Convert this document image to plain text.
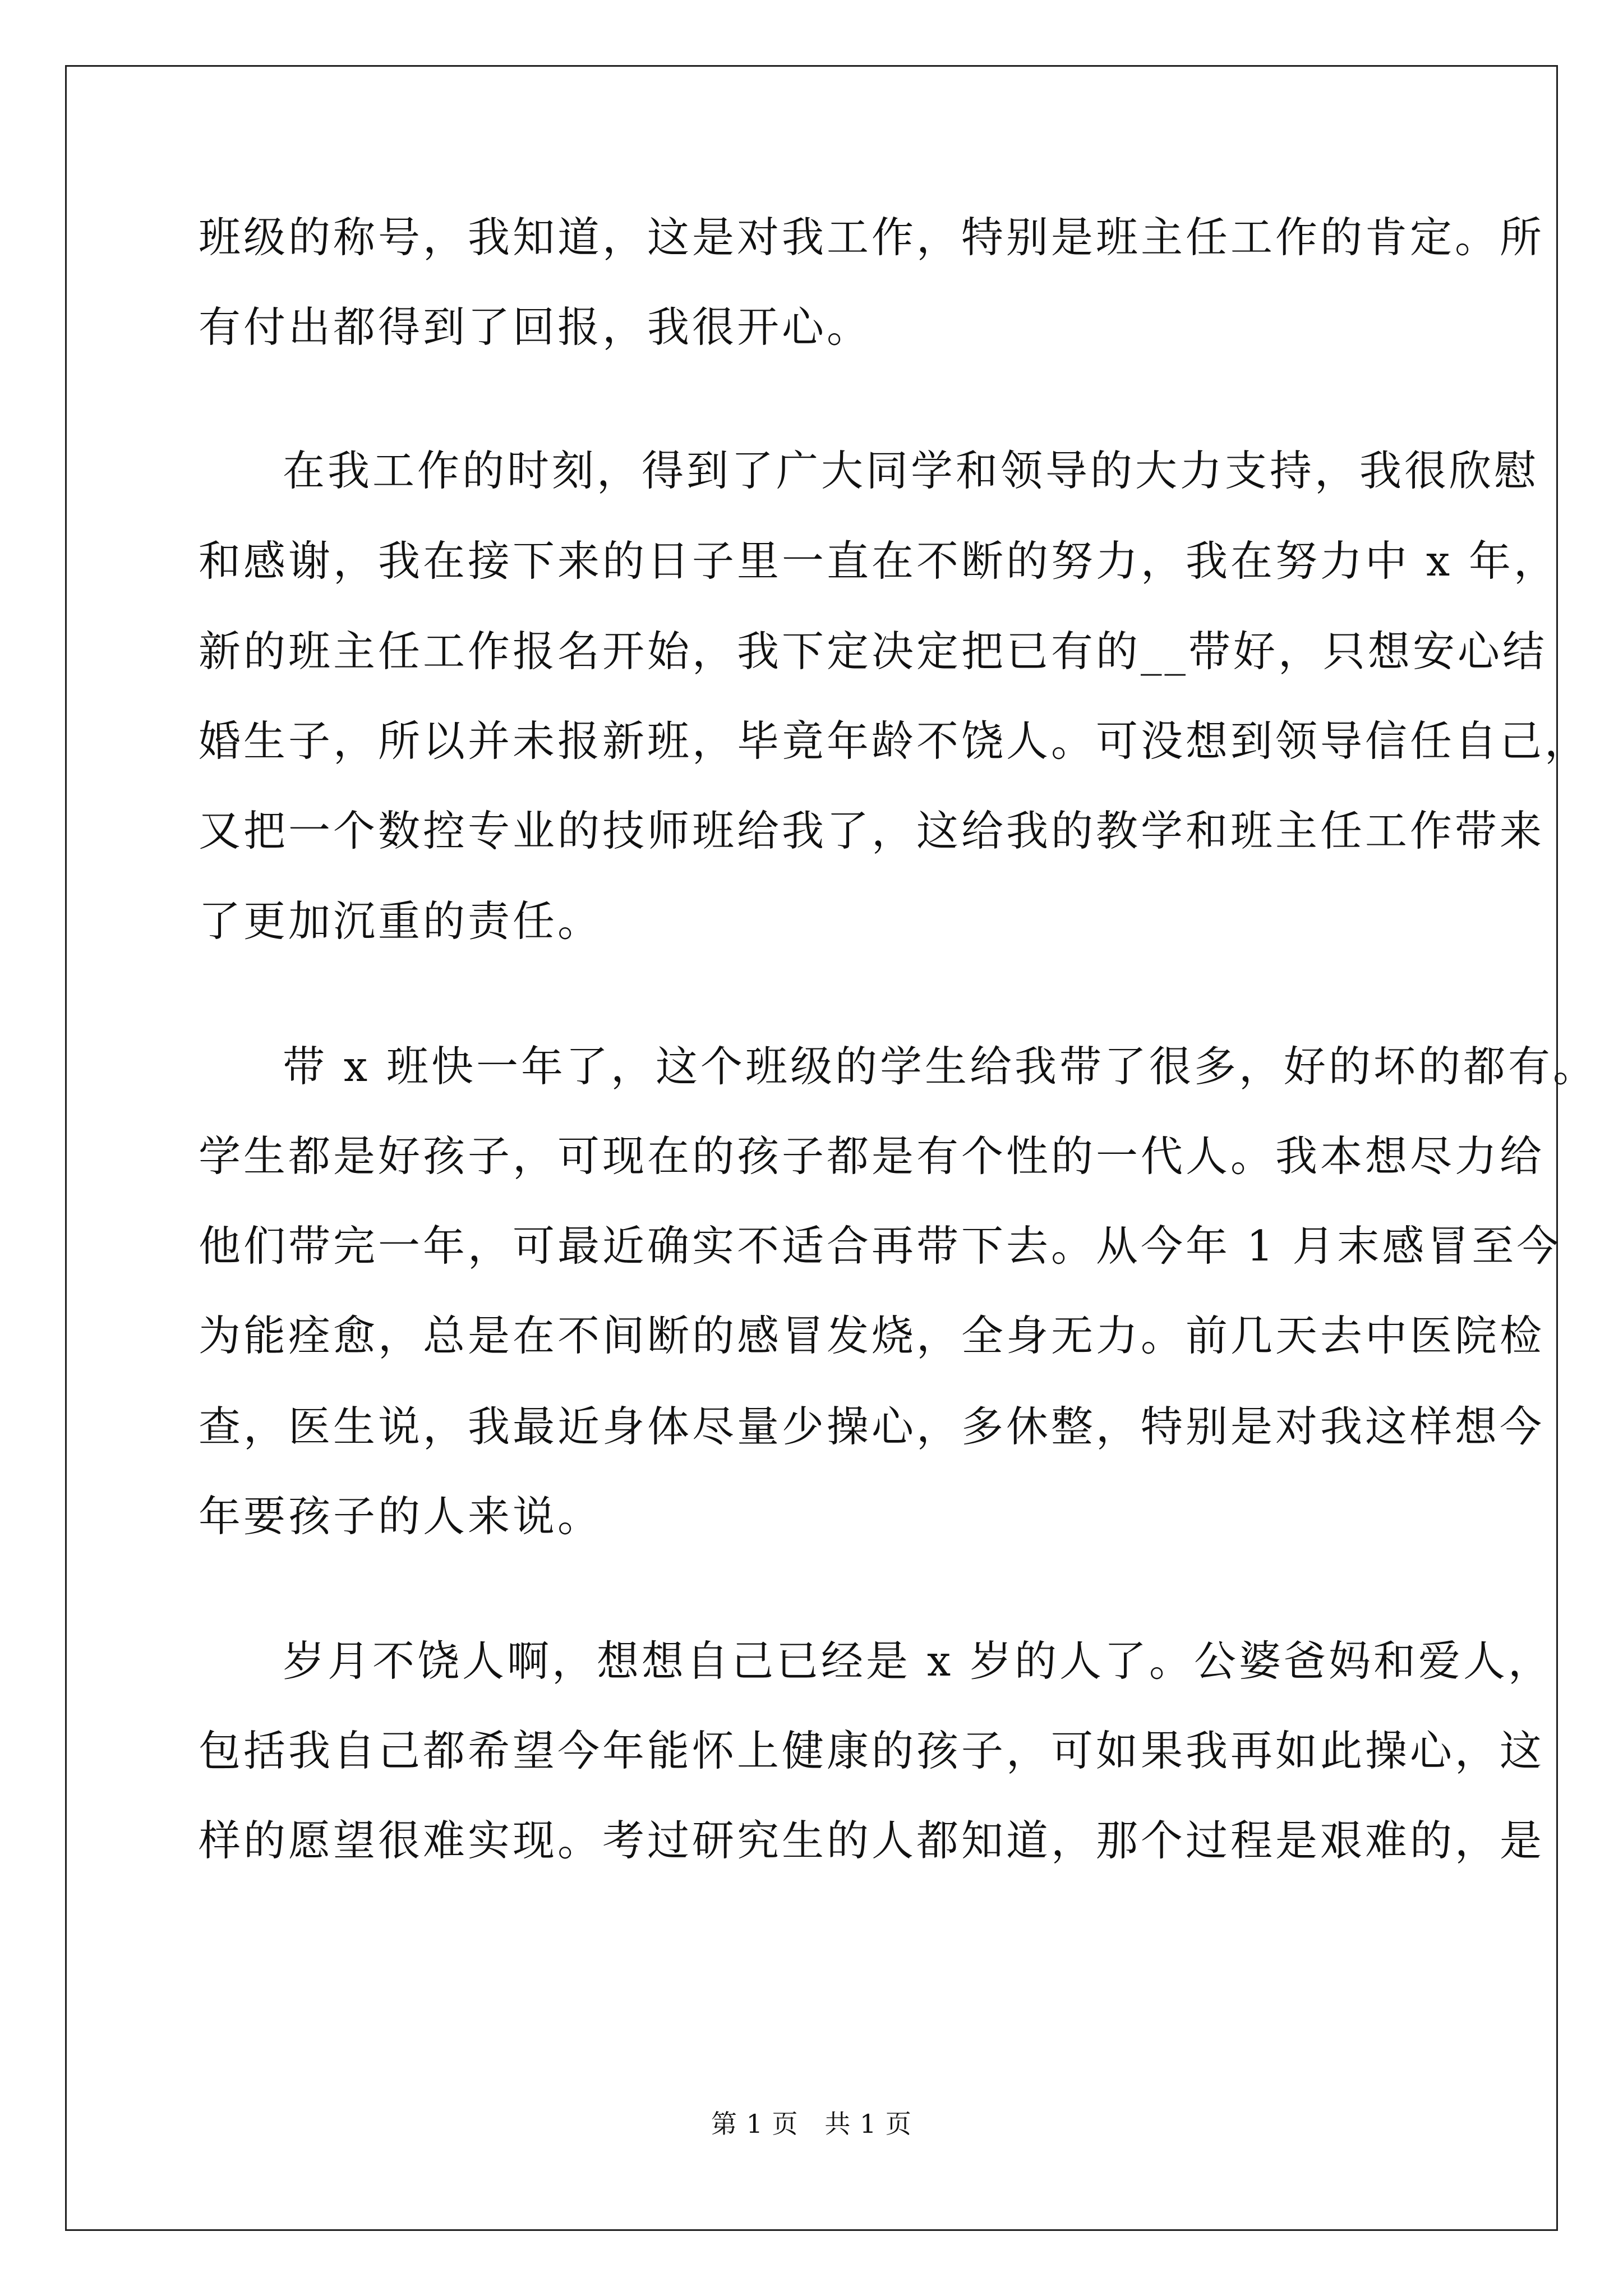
班级的称号，我知道，这是对我工作，特别是班主任工作的肯定。所
有付出都得到了回报，我很开心。
在我工作的时刻，得到了广大同学和领导的大力支持，我很欣慰
和感谢，我在接下来的日子里一直在不断的努力，我在努力中 x 年，
新的班主任工作报名开始，我下定决定把已有的__带好，只想安心结
婚生子，所以并未报新班，毕竟年龄不饶人。可没想到领导信任自己，
又把一个数控专业的技师班给我了，这给我的教学和班主任工作带来
了更加沉重的责任。
带 x 班快一年了，这个班级的学生给我带了很多，好的坏的都有。
学生都是好孩子，可现在的孩子都是有个性的一代人。我本想尽力给
他们带完一年，可最近确实不适合再带下去。从今年 1 月末感冒至今
为能痊愈，总是在不间断的感冒发烧，全身无力。前几天去中医院检
查，医生说，我最近身体尽量少操心，多休整，特别是对我这样想今
年要孩子的人来说。
岁月不饶人啊，想想自己已经是 x 岁的人了。公婆爸妈和爱人，
包括我自己都希望今年能怀上健康的孩子，可如果我再如此操心，这
样的愿望很难实现。考过研究生的人都知道，那个过程是艰难的，是
第 1 页   共 1 页
